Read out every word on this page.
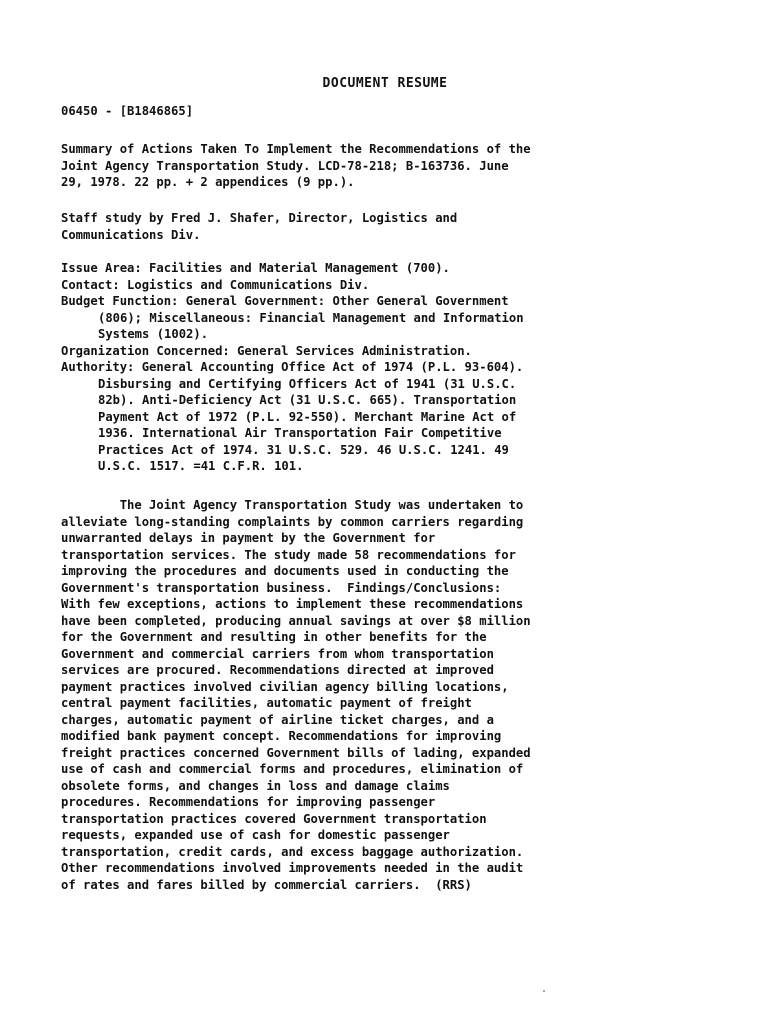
DOCUMENT RESUME
06450 - [B1846865]
Summary of Actions Taken To Implement the Recommendations of the
Joint Agency Transportation Study. LCD-78-218; B-163736. June
29, 1978. 22 pp. + 2 appendices (9 pp.).
Staff study by Fred J. Shafer, Director, Logistics and
Communications Div.
Issue Area: Facilities and Material Management (700).
Contact: Logistics and Communications Div.
Budget Function: General Government: Other General Government
(806); Miscellaneous: Financial Management and Information
Systems (1002).
Organization Concerned: General Services Administration.
Authority: General Accounting Office Act of 1974 (P.L. 93-604).
Disbursing and Certifying Officers Act of 1941 (31 U.S.C.
82b). Anti-Deficiency Act (31 U.S.C. 665). Transportation
Payment Act of 1972 (P.L. 92-550). Merchant Marine Act of
1936. International Air Transportation Fair Competitive
Practices Act of 1974. 31 U.S.C. 529. 46 U.S.C. 1241. 49
U.S.C. 1517. =41 C.F.R. 101.
The Joint Agency Transportation Study was undertaken to
alleviate long-standing complaints by common carriers regarding
unwarranted delays in payment by the Government for
transportation services. The study made 58 recommendations for
improving the procedures and documents used in conducting the
Government's transportation business.  Findings/Conclusions:
With few exceptions, actions to implement these recommendations
have been completed, producing annual savings at over $8 million
for the Government and resulting in other benefits for the
Government and commercial carriers from whom transportation
services are procured. Recommendations directed at improved
payment practices involved civilian agency billing locations,
central payment facilities, automatic payment of freight
charges, automatic payment of airline ticket charges, and a
modified bank payment concept. Recommendations for improving
freight practices concerned Government bills of lading, expanded
use of cash and commercial forms and procedures, elimination of
obsolete forms, and changes in loss and damage claims
procedures. Recommendations for improving passenger
transportation practices covered Government transportation
requests, expanded use of cash for domestic passenger
transportation, credit cards, and excess baggage authorization.
Other recommendations involved improvements needed in the audit
of rates and fares billed by commercial carriers.  (RRS)
